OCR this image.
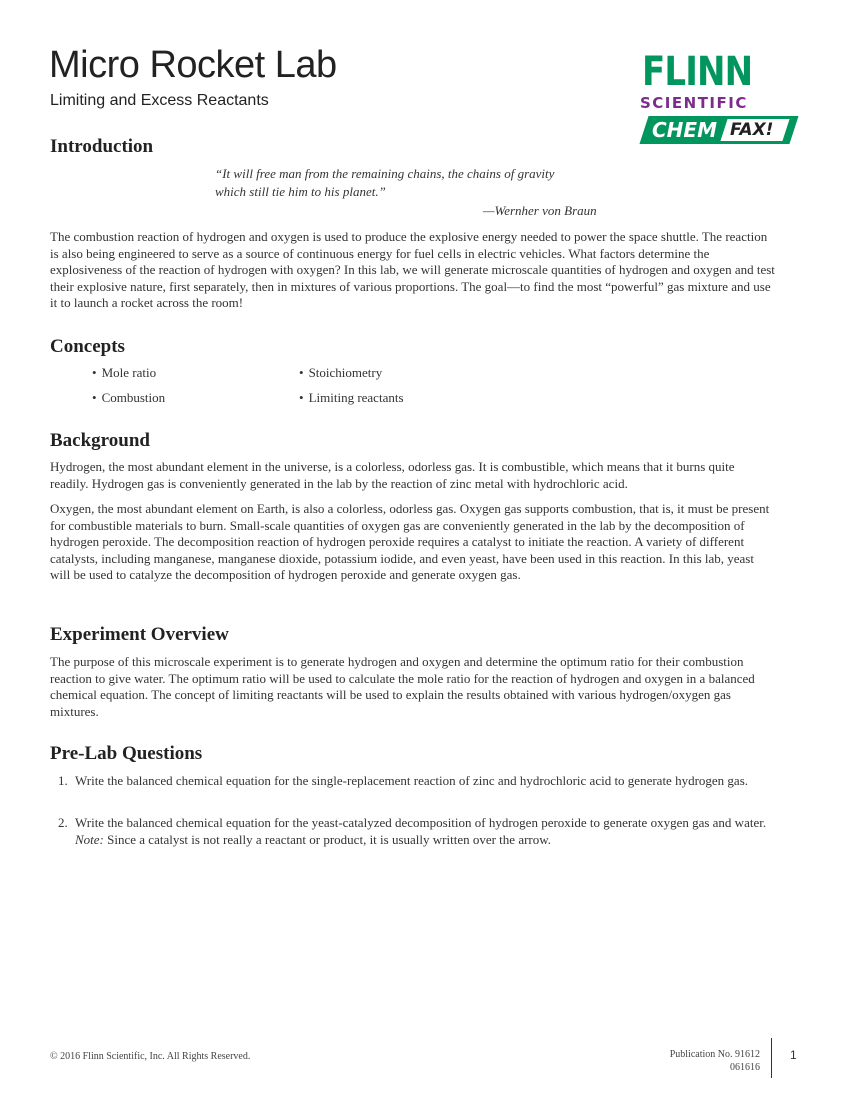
Micro Rocket Lab
Limiting and Excess Reactants
FLINN
SCIENTIFIC
CHEM FAX!
Introduction
“It will free man from the remaining chains, the chains of gravity
which still tie him to his planet.”
—Wernher von Braun

The combustion reaction of hydrogen and oxygen is used to produce the explosive energy needed to power the space shuttle. The reaction is also being engineered to serve as a source of continuous energy for fuel cells in electric vehicles. What factors determine the explosiveness of the reaction of hydrogen with oxygen? In this lab, we will generate microscale quantities of hydrogen and oxygen and test their explosive nature, first separately, then in mixtures of various proportions. The goal—to find the most “powerful” gas mixture and use it to launch a rocket across the room!

Concepts
• Mole ratio	• Stoichiometry
• Combustion	• Limiting reactants
Background

Hydrogen, the most abundant element in the universe, is a colorless, odorless gas. It is combustible, which means that it burns quite readily. Hydrogen gas is conveniently generated in the lab by the reaction of zinc metal with hydrochloric acid.

Oxygen, the most abundant element on Earth, is also a colorless, odorless gas. Oxygen gas supports combustion, that is, it must be present for combustible materials to burn. Small-scale quantities of oxygen gas are conveniently generated in the lab by the decomposition of hydrogen peroxide. The decomposition reaction of hydrogen peroxide requires a catalyst to initiate the reaction. A variety of different catalysts, including manganese, manganese dioxide, potassium iodide, and even yeast, have been used in this reaction. In this lab, yeast will be used to catalyze the decomposition of hydrogen peroxide and generate oxygen gas.

Experiment Overview

The purpose of this microscale experiment is to generate hydrogen and oxygen and determine the optimum ratio for their combustion reaction to give water. The optimum ratio will be used to calculate the mole ratio for the reaction of hydrogen and oxygen in a balanced chemical equation. The concept of limiting reactants will be used to explain the results obtained with various hydrogen/oxygen gas mixtures.

Pre-Lab Questions
1. Write the balanced chemical equation for the single-replacement reaction of zinc and hydrochloric acid to generate hydrogen gas.
2. Write the balanced chemical equation for the yeast-catalyzed decomposition of hydrogen peroxide to generate oxygen gas and water. Note: Since a catalyst is not really a reactant or product, it is usually written over the arrow.
© 2016 Flinn Scientific, Inc. All Rights Reserved.	Publication No. 91612
061616
1
